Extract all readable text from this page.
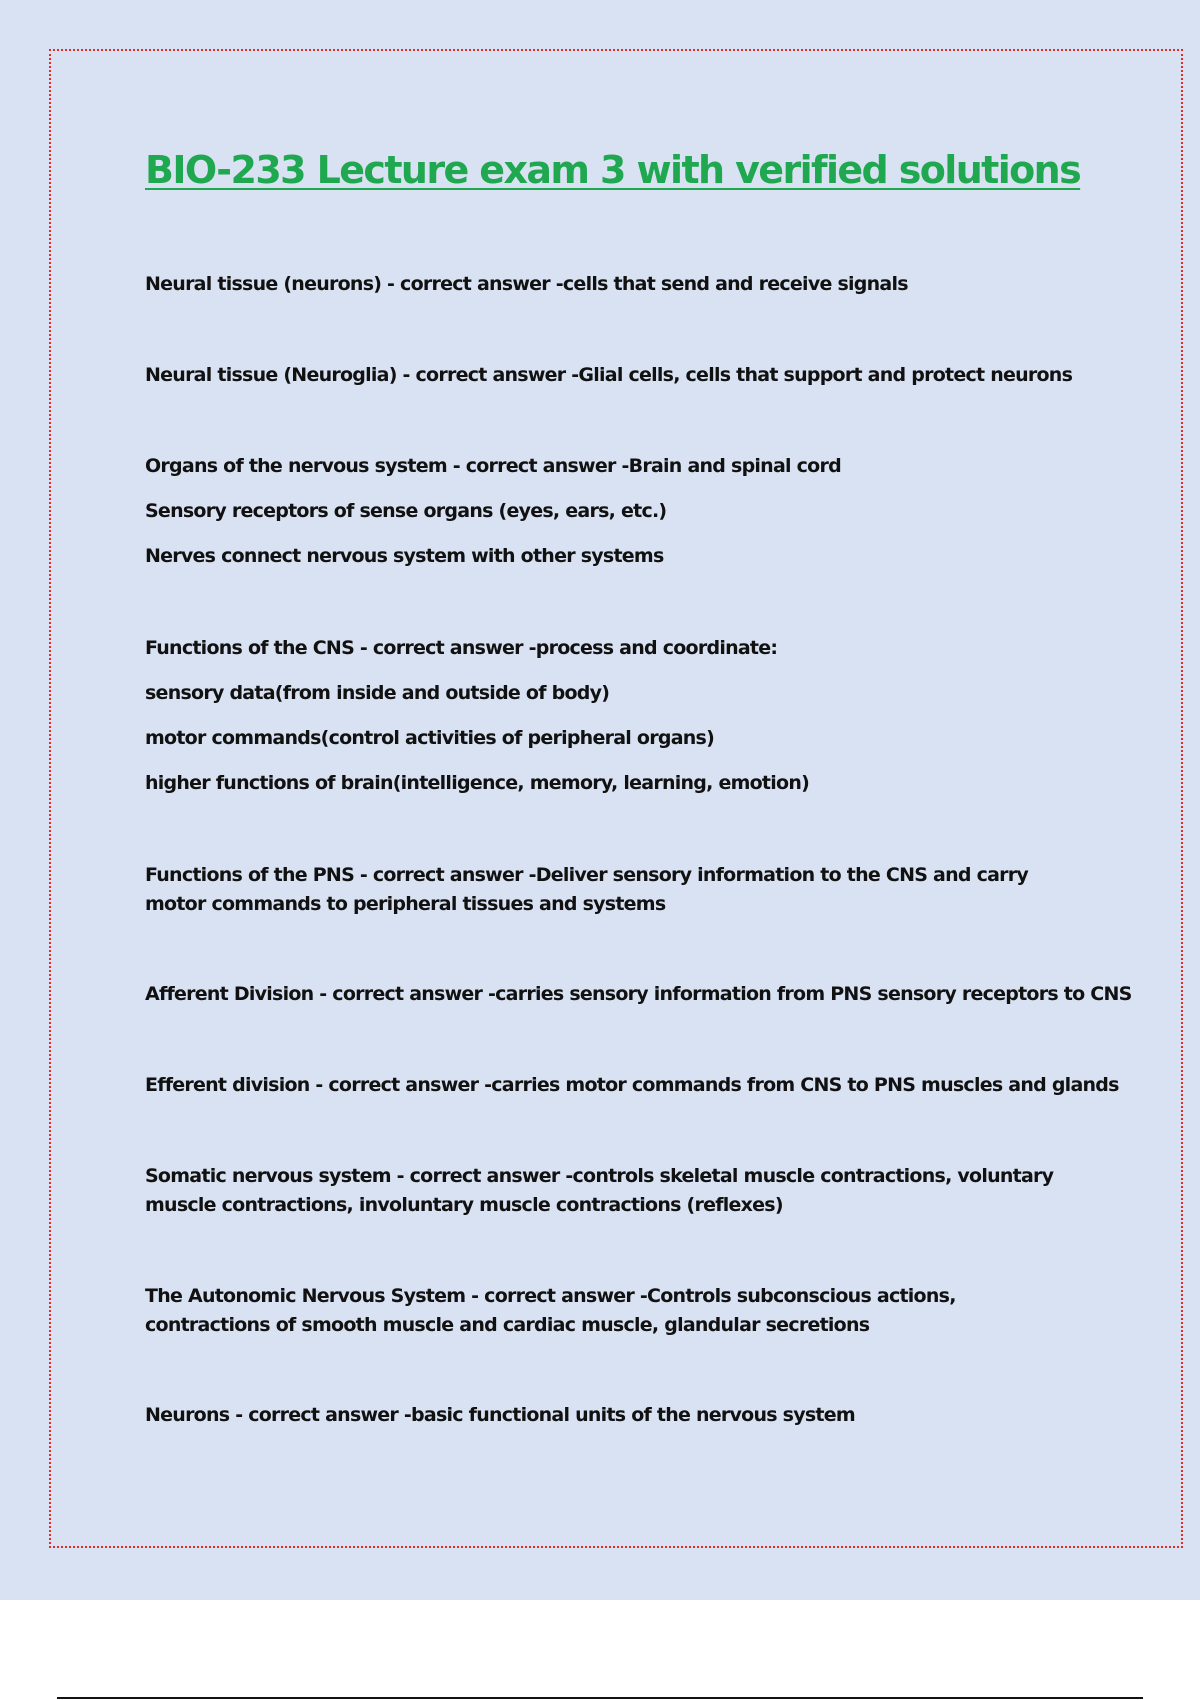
BIO-233 Lecture exam 3 with verified solutions
Neural tissue (neurons) - correct answer -cells that send and receive signals
Neural tissue (Neuroglia) - correct answer -Glial cells, cells that support and protect neurons
Organs of the nervous system - correct answer -Brain and spinal cord
Sensory receptors of sense organs (eyes, ears, etc.)
Nerves connect nervous system with other systems
Functions of the CNS - correct answer -process and coordinate:
sensory data(from inside and outside of body)
motor commands(control activities of peripheral organs)
higher functions of brain(intelligence, memory, learning, emotion)
Functions of the PNS - correct answer -Deliver sensory information to the CNS and carry motor commands to peripheral tissues and systems
Afferent Division - correct answer -carries sensory information from PNS sensory receptors to CNS
Efferent division - correct answer -carries motor commands from CNS to PNS muscles and glands
Somatic nervous system - correct answer -controls skeletal muscle contractions, voluntary muscle contractions, involuntary muscle contractions (reflexes)
The Autonomic Nervous System - correct answer -Controls subconscious actions, contractions of smooth muscle and cardiac muscle, glandular secretions
Neurons - correct answer -basic functional units of the nervous system
